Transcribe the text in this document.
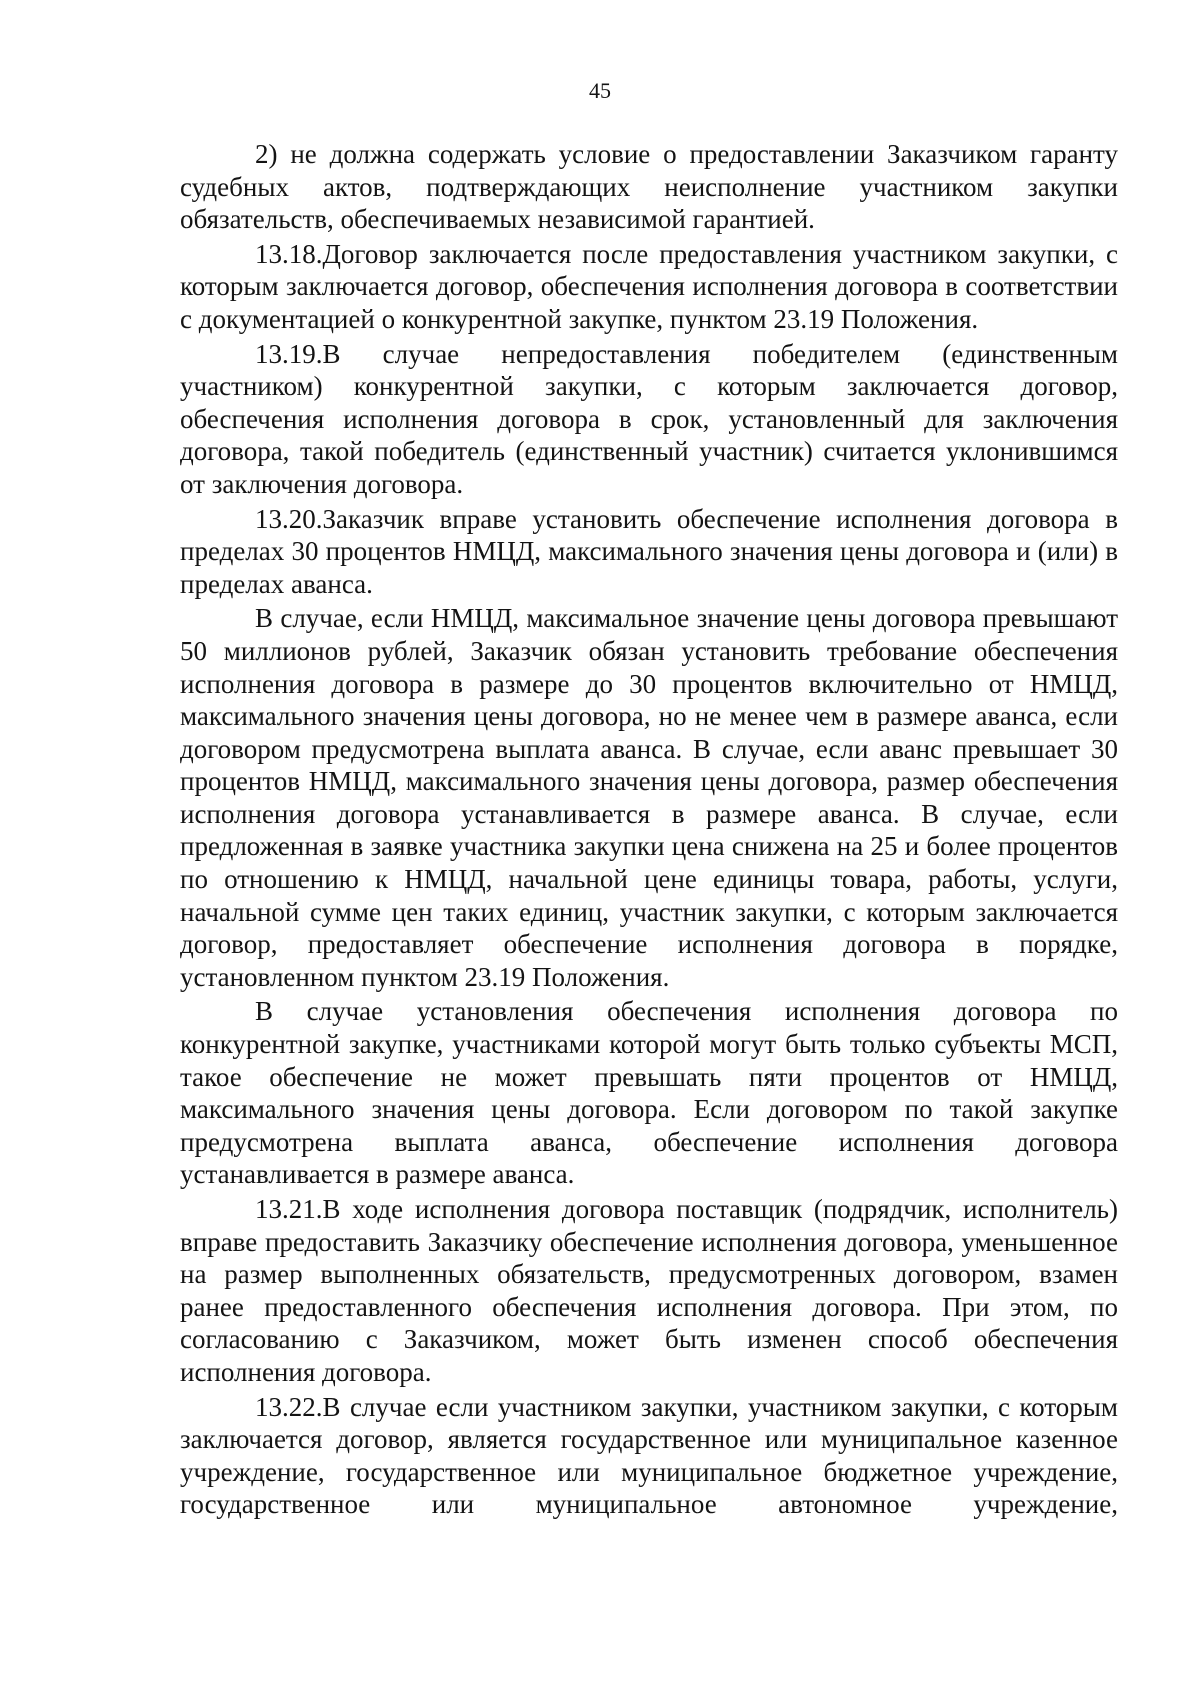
45

2) не должна содержать условие о предоставлении Заказчиком гаранту судебных актов, подтверждающих неисполнение участником закупки обязательств, обеспечиваемых независимой гарантией.

13.18.Договор заключается после предоставления участником закупки, с которым заключается договор, обеспечения исполнения договора в соответствии с документацией о конкурентной закупке, пунктом 23.19 Положения.

13.19.В случае непредоставления победителем (единственным участником) конкурентной закупки, с которым заключается договор, обеспечения исполнения договора в срок, установленный для заключения договора, такой победитель (единственный участник) считается уклонившимся от заключения договора.

13.20.Заказчик вправе установить обеспечение исполнения договора в пределах 30 процентов НМЦД, максимального значения цены договора и (или) в пределах аванса.

В случае, если НМЦД, максимальное значение цены договора превышают 50 миллионов рублей, Заказчик обязан установить требование обеспечения исполнения договора в размере до 30 процентов включительно от НМЦД, максимального значения цены договора, но не менее чем в размере аванса, если договором предусмотрена выплата аванса. В случае, если аванс превышает 30 процентов НМЦД, максимального значения цены договора, размер обеспечения исполнения договора устанавливается в размере аванса. В случае, если предложенная в заявке участника закупки цена снижена на 25 и более процентов по отношению к НМЦД, начальной цене единицы товара, работы, услуги, начальной сумме цен таких единиц, участник закупки, с которым заключается договор, предоставляет обеспечение исполнения договора в порядке, установленном пунктом 23.19 Положения.

В случае установления обеспечения исполнения договора по конкурентной закупке, участниками которой могут быть только субъекты МСП, такое обеспечение не может превышать пяти процентов от НМЦД, максимального значения цены договора. Если договором по такой закупке предусмотрена выплата аванса, обеспечение исполнения договора устанавливается в размере аванса.

13.21.В ходе исполнения договора поставщик (подрядчик, исполнитель) вправе предоставить Заказчику обеспечение исполнения договора, уменьшенное на размер выполненных обязательств, предусмотренных договором, взамен ранее предоставленного обеспечения исполнения договора. При этом, по согласованию с Заказчиком, может быть изменен способ обеспечения исполнения договора.

13.22.В случае если участником закупки, участником закупки, с которым заключается договор, является государственное или муниципальное казенное учреждение, государственное или муниципальное бюджетное учреждение, государственное или муниципальное автономное учреждение,
